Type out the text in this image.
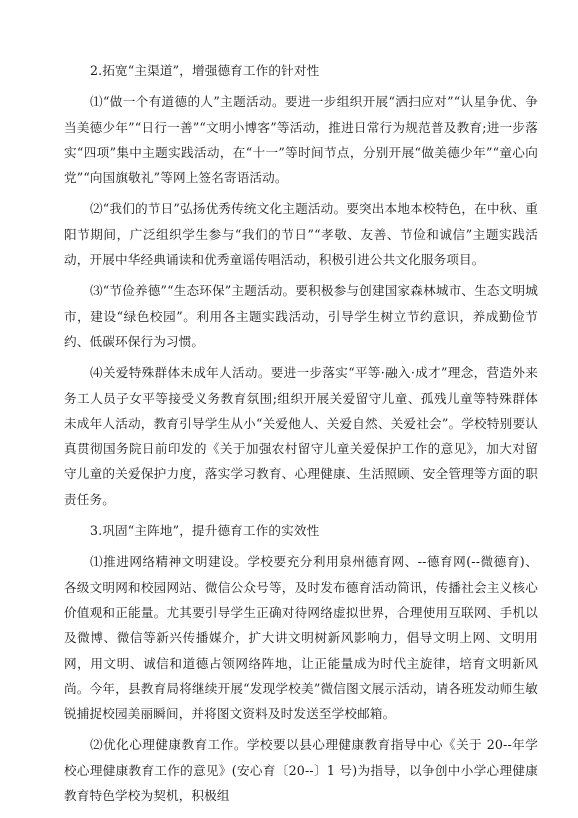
2.拓宽“主渠道”，增强德育工作的针对性

⑴“做一个有道德的人”主题活动。要进一步组织开展“洒扫应对”“认星争优、争当美德少年”“日行一善”“文明小博客”等活动，推进日常行为规范普及教育;进一步落实“四项”集中主题实践活动，在“十一”等时间节点，分别开展“做美德少年”“童心向党”“向国旗敬礼”等网上签名寄语活动。

⑵“我们的节日”弘扬优秀传统文化主题活动。要突出本地本校特色，在中秋、重阳节期间，广泛组织学生参与“我们的节日”“孝敬、友善、节俭和诚信”主题实践活动，开展中华经典诵读和优秀童谣传唱活动，积极引进公共文化服务项目。

⑶“节俭养德”“生态环保”主题活动。要积极参与创建国家森林城市、生态文明城市，建设“绿色校园”。利用各主题实践活动，引导学生树立节约意识，养成勤俭节约、低碳环保行为习惯。

⑷关爱特殊群体未成年人活动。要进一步落实“平等·融入·成才”理念，营造外来务工人员子女平等接受义务教育氛围;组织开展关爱留守儿童、孤残儿童等特殊群体未成年人活动，教育引导学生从小“关爱他人、关爱自然、关爱社会”。学校特别要认真贯彻国务院日前印发的《关于加强农村留守儿童关爱保护工作的意见》，加大对留守儿童的关爱保护力度，落实学习教育、心理健康、生活照顾、安全管理等方面的职责任务。

3.巩固“主阵地”，提升德育工作的实效性

⑴推进网络精神文明建设。学校要充分利用泉州德育网、--德育网(--微德育)、各级文明网和校园网站、微信公众号等，及时发布德育活动简讯，传播社会主义核心价值观和正能量。尤其要引导学生正确对待网络虚拟世界，合理使用互联网、手机以及微博、微信等新兴传播媒介，扩大讲文明树新风影响力，倡导文明上网、文明用网，用文明、诚信和道德占领网络阵地，让正能量成为时代主旋律，培育文明新风尚。今年，县教育局将继续开展“发现学校美”微信图文展示活动，请各班发动师生敏锐捕捉校园美丽瞬间，并将图文资料及时发送至学校邮箱。

⑵优化心理健康教育工作。学校要以县心理健康教育指导中心《关于 20--年学校心理健康教育工作的意见》(安心育〔20--〕1 号)为指导，以争创中小学心理健康教育特色学校为契机，积极组
